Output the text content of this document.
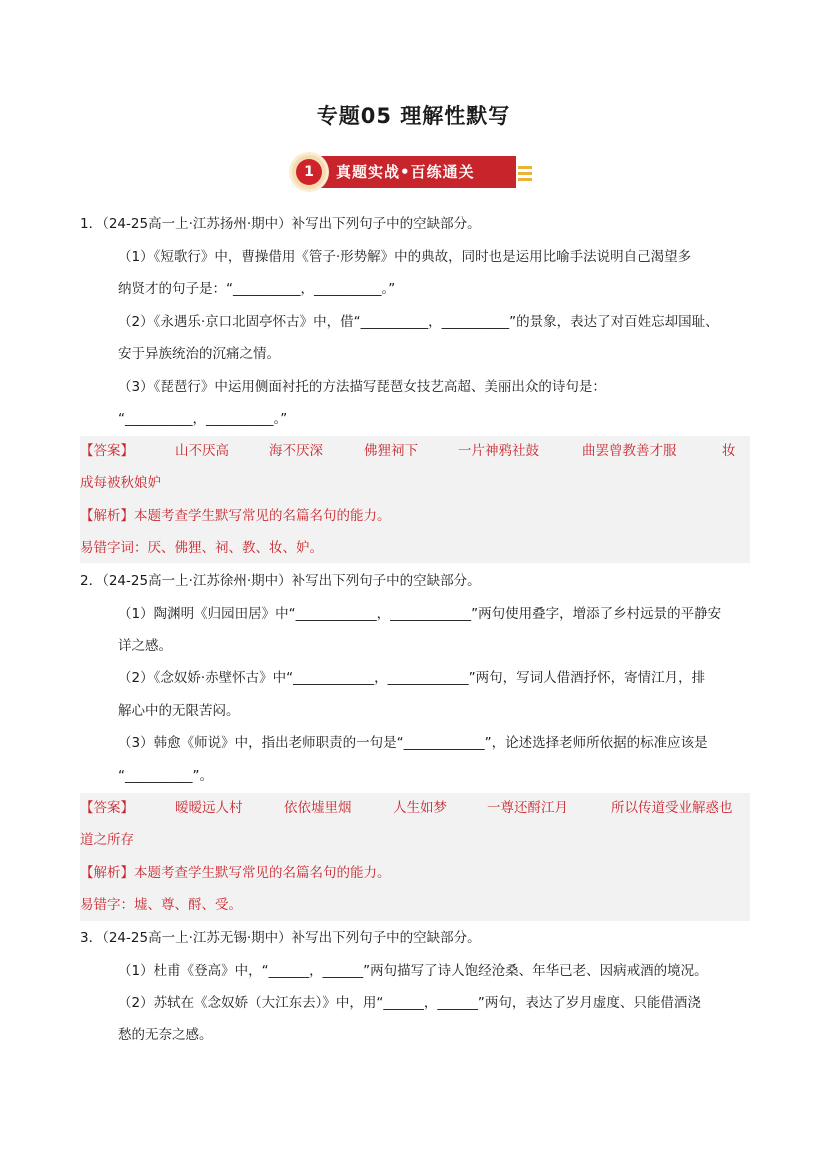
专题05 理解性默写
1	真题实战•百练通关
1．（24-25高一上·江苏扬州·期中）补写出下列句子中的空缺部分。
（1）《短歌行》中，曹操借用《管子·形势解》中的典故，同时也是运用比喻手法说明自己渴望多
纳贤才的句子是：“__________，__________。”
（2）《永遇乐·京口北固亭怀古》中，借“__________，__________”的景象，表达了对百姓忘却国耻、
安于异族统治的沉痛之情。
（3）《琵琶行》中运用侧面衬托的方法描写琵琶女技艺高超、美丽出众的诗句是：
“__________，__________。”
【答案】	山不厌高	海不厌深	佛狸祠下	一片神鸦社鼓	曲罢曾教善才服	妆
成每被秋娘妒
【解析】本题考查学生默写常见的名篇名句的能力。
易错字词：厌、佛狸、祠、教、妆、妒。
2．（24-25高一上·江苏徐州·期中）补写出下列句子中的空缺部分。
（1）陶渊明《归园田居》中“____________，____________”两句使用叠字，增添了乡村远景的平静安
详之感。
（2）《念奴娇·赤壁怀古》中“____________，____________”两句，写词人借酒抒怀，寄情江月，排
解心中的无限苦闷。
（3）韩愈《师说》中，指出老师职责的一句是“____________”，论述选择老师所依据的标准应该是
“__________”。
【答案】	暧暧远人村	依依墟里烟	人生如梦	一尊还酹江月	所以传道受业解惑也
道之所存
【解析】本题考查学生默写常见的名篇名句的能力。
易错字：墟、尊、酹、受。
3．（24-25高一上·江苏无锡·期中）补写出下列句子中的空缺部分。
（1）杜甫《登高》中，“______，______”两句描写了诗人饱经沧桑、年华已老、因病戒酒的境况。
（2）苏轼在《念奴娇（大江东去）》中，用“______，______”两句，表达了岁月虚度、只能借酒浇
愁的无奈之感。
